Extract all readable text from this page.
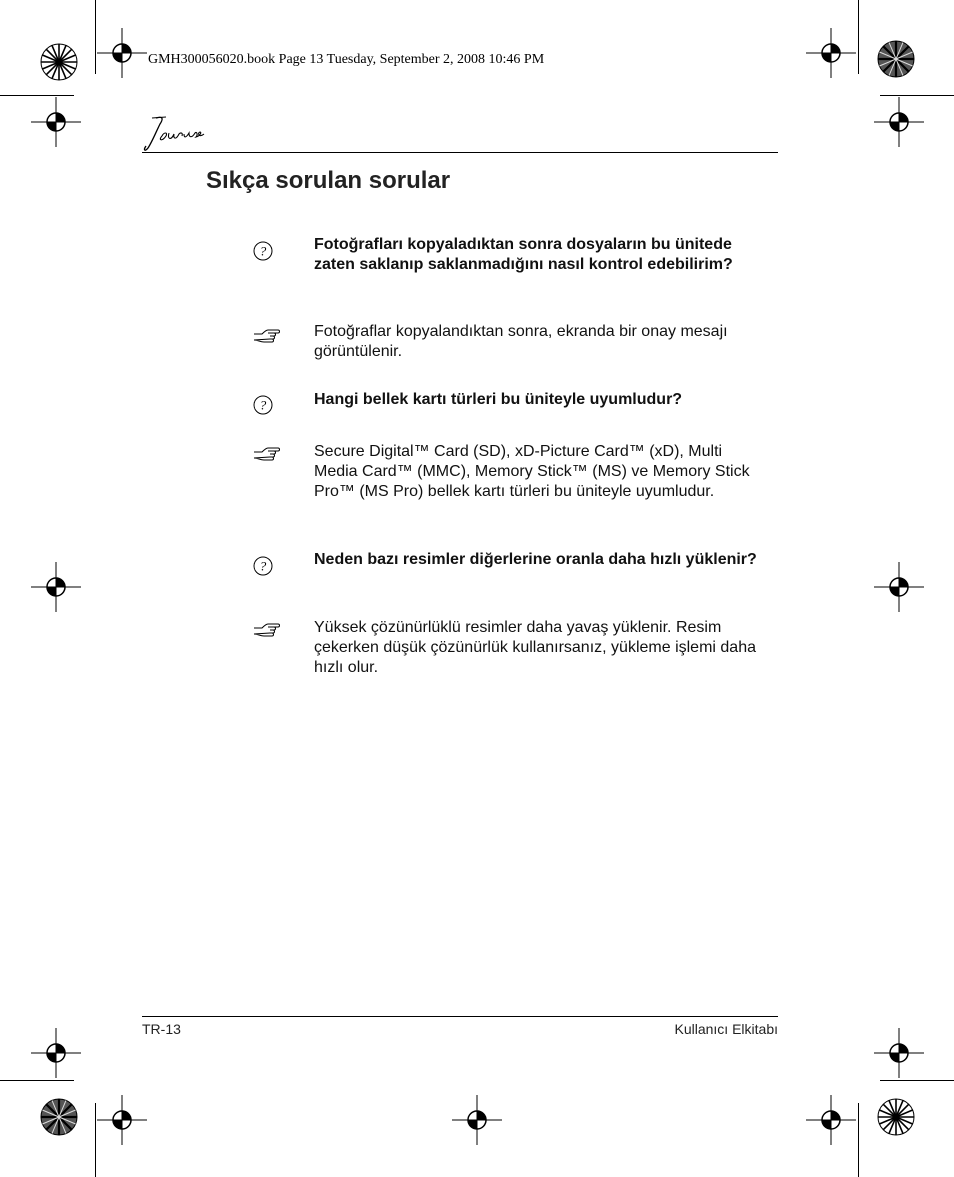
GMH300056020.book Page 13 Tuesday, September 2, 2008 10:46 PM
Sıkça sorulan sorular
?	Fotoğrafları kopyaladıktan sonra dosyaların bu ünitede zaten saklanıp saklanmadığını nasıl kontrol edebilirim?

Fotoğraflar kopyalandıktan sonra, ekranda bir onay mesajı görüntülenir.

?	Hangi bellek kartı türleri bu üniteyle uyumludur?

Secure Digital™ Card (SD), xD-Picture Card™ (xD), Multi Media Card™ (MMC), Memory Stick™ (MS) ve Memory Stick Pro™ (MS Pro) bellek kartı türleri bu üniteyle uyumludur.

?	Neden bazı resimler diğerlerine oranla daha hızlı yüklenir?

Yüksek çözünürlüklü resimler daha yavaş yüklenir. Resim çekerken düşük çözünürlük kullanırsanız, yükleme işlemi daha hızlı olur.

TR-13	Kullanıcı Elkitabı
